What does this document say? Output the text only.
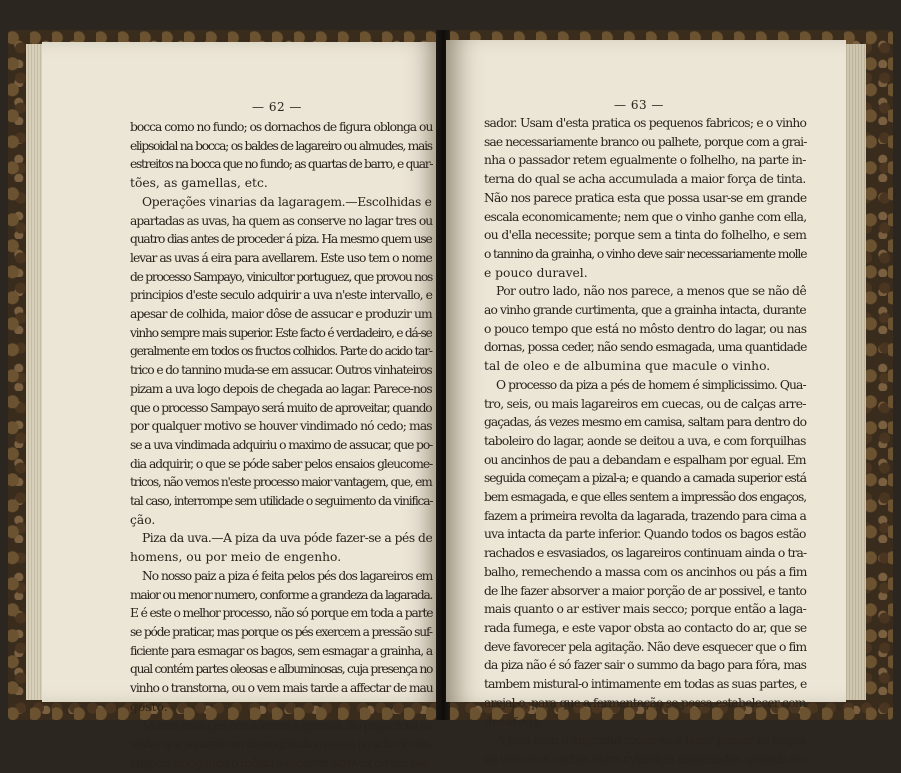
— 62 —
bocca como no fundo; os dornachos de figura oblonga ou
elipsoidal na bocca; os baldes de lagareiro ou almudes, mais
estreitos na bocca que no fundo; as quartas de barro, e quar-
tões, as gamellas, etc.
Operações vinarias da lagaragem.—Escolhidas e
apartadas as uvas, ha quem as conserve no lagar tres ou
quatro dias antes de proceder á piza. Ha mesmo quem use
levar as uvas á eira para avellarem. Este uso tem o nome
de processo Sampayo, vinicultor portuguez, que provou nos
principios d'este seculo adquirir a uva n'este intervallo, e
apesar de colhida, maior dôse de assucar e produzir um
vinho sempre mais superior. Este facto é verdadeiro, e dá-se
geralmente em todos os fructos colhidos. Parte do acido tar-
trico e do tannino muda-se em assucar. Outros vinhateiros
pizam a uva logo depois de chegada ao lagar. Parece-nos
que o processo Sampayo será muito de aproveitar, quando
por qualquer motivo se houver vindimado nó cedo; mas
se a uva vindimada adquiriu o maximo de assucar, que po-
dia adquirir, o que se póde saber pelos ensaios gleucome-
tricos, não vemos n'este processo maior vantagem, que, em
tal caso, interrompe sem utilidade o seguimento da vinifica-
ção.
Piza da uva.—A piza da uva póde fazer-se a pés de
homens, ou por meio de engenho.
No nosso paiz a piza é feita pelos pés dos lagareiros em
maior ou menor numero, conforme a grandeza da lagarada.
E é este o melhor processo, não só porque em toda a parte
se póde praticar, mas porque os pés exercem a pressão suf-
ficiente para esmagar os bagos, sem esmagar a grainha, a
qual contém partes oleosas e albuminosas, cuja presença no
vinho o transtorna, ou o vem mais tarde a affectar de mau
gosto.
Muitos enologos consideram a grainha tão prejudicial ao
vinho, que separam ou desengrainham a uva no acto do des-
engace, obrigando o môsto a escorrer atravez de um pas-
— 63 —
sador. Usam d'esta pratica os pequenos fabricos; e o vinho
sae necessariamente branco ou palhete, porque com a grai-
nha o passador retem egualmente o folhelho, na parte in-
terna do qual se acha accumulada a maior força de tinta.
Não nos parece pratica esta que possa usar-se em grande
escala economicamente; nem que o vinho ganhe com ella,
ou d'ella necessite; porque sem a tinta do folhelho, e sem
o tannino da grainha, o vinho deve sair necessariamente molle
e pouco duravel.
Por outro lado, não nos parece, a menos que se não dê
ao vinho grande curtimenta, que a grainha intacta, durante
o pouco tempo que está no môsto dentro do lagar, ou nas
dornas, possa ceder, não sendo esmagada, uma quantidade
tal de oleo e de albumina que macule o vinho.
O processo da piza a pés de homem é simplicissimo. Qua-
tro, seis, ou mais lagareiros em cuecas, ou de calças arre-
gaçadas, ás vezes mesmo em camisa, saltam para dentro do
taboleiro do lagar, aonde se deitou a uva, e com forquilhas
ou ancinhos de pau a debandam e espalham por egual. Em
seguida começam a pizal-a; e quando a camada superior está
bem esmagada, e que elles sentem a impressão dos engaços,
fazem a primeira revolta da lagarada, trazendo para cima a
uva intacta da parte inferior. Quando todos os bagos estão
rachados e esvasiados, os lagareiros continuam ainda o tra-
balho, remechendo a massa com os ancinhos ou pás a fim
de lhe fazer absorver a maior porção de ar possivel, e tanto
mais quanto o ar estiver mais secco; porque então a laga-
rada fumega, e este vapor obsta ao contacto do ar, que se
deve favorecer pela agitação. Não deve esquecer que o fim
da piza não é só fazer sair o summo da bago para fóra, mas
tambem mistural-o intimamente em todas as suas partes, e
arejal-o, para que a fermentação se possa estabelecer com
desafogo.
A piza com o engenho reduz-se a fazer passar os bagos
da uva ou os cachos entre cyllindros acanellados, girando em
